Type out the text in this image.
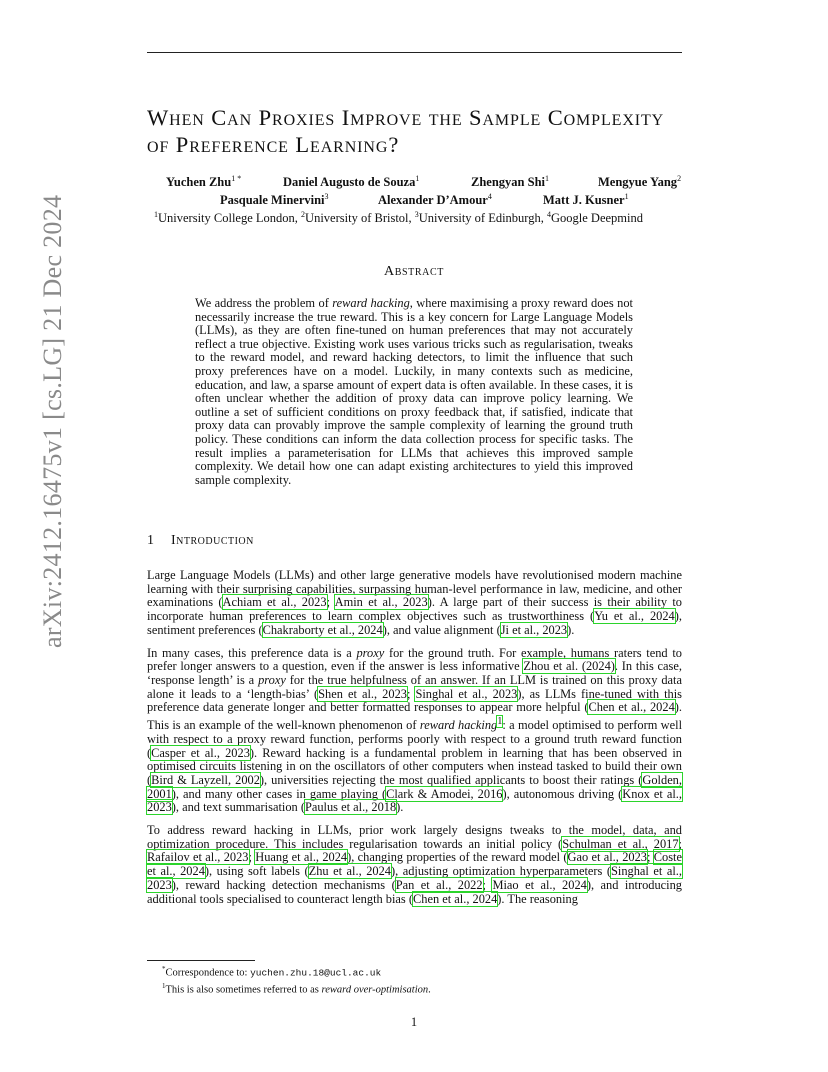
arXiv:2412.16475v1 [cs.LG] 21 Dec 2024
When Can Proxies Improve the Sample Complexity of Preference Learning?
Yuchen Zhu$^{1 *}$	Daniel Augusto de Souza$^1$	Zhengyan Shi$^1$	Mengyue Yang$^2$
Pasquale Minervini$^3$	Alexander D’Amour$^4$	Matt J. Kusner$^1$
$^1$University College London, $^2$University of Bristol, $^3$University of Edinburgh, $^4$Google Deepmind
Abstract
We address the problem of reward hacking, where maximising a proxy reward does not necessarily increase the true reward. This is a key concern for Large Language Models (LLMs), as they are often fine-tuned on human preferences that may not accurately reflect a true objective. Existing work uses various tricks such as regularisation, tweaks to the reward model, and reward hacking detectors, to limit the influence that such proxy preferences have on a model. Luckily, in many contexts such as medicine, education, and law, a sparse amount of expert data is often available. In these cases, it is often unclear whether the addition of proxy data can improve policy learning. We outline a set of sufficient conditions on proxy feedback that, if satisfied, indicate that proxy data can provably improve the sample complexity of learning the ground truth policy. These conditions can inform the data collection process for specific tasks. The result implies a parameterisation for LLMs that achieves this improved sample complexity. We detail how one can adapt existing architectures to yield this improved sample complexity.
1 Introduction

Large Language Models (LLMs) and other large generative models have revolutionised modern machine learning with their surprising capabilities, surpassing human-level performance in law, medicine, and other examinations (Achiam et al., 2023; Amin et al., 2023). A large part of their success is their ability to incorporate human preferences to learn complex objectives such as trustworthiness (Yu et al., 2024), sentiment preferences (Chakraborty et al., 2024), and value alignment (Ji et al., 2023).

In many cases, this preference data is a proxy for the ground truth. For example, humans raters tend to prefer longer answers to a question, even if the answer is less informative Zhou et al. (2024). In this case, ‘response length’ is a proxy for the true helpfulness of an answer. If an LLM is trained on this proxy data alone it leads to a ‘length-bias’ (Shen et al., 2023; Singhal et al., 2023), as LLMs fine-tuned with this preference data generate longer and better formatted responses to appear more helpful (Chen et al., 2024). This is an example of the well-known phenomenon of reward hacking$^1$: a model optimised to perform well with respect to a proxy reward function, performs poorly with respect to a ground truth reward function (Casper et al., 2023). Reward hacking is a fundamental problem in learning that has been observed in optimised circuits listening in on the oscillators of other computers when instead tasked to build their own (Bird & Layzell, 2002), universities rejecting the most qualified applicants to boost their ratings (Golden, 2001), and many other cases in game playing (Clark & Amodei, 2016), autonomous driving (Knox et al., 2023), and text summarisation (Paulus et al., 2018).

To address reward hacking in LLMs, prior work largely designs tweaks to the model, data, and optimization procedure. This includes regularisation towards an initial policy (Schulman et al., 2017; Rafailov et al., 2023; Huang et al., 2024), changing properties of the reward model (Gao et al., 2023; Coste et al., 2024), using soft labels (Zhu et al., 2024), adjusting optimization hyperparameters (Singhal et al., 2023), reward hacking detection mechanisms (Pan et al., 2022; Miao et al., 2024), and introducing additional tools specialised to counteract length bias (Chen et al., 2024). The reasoning

*Correspondence to: yuchen.zhu.18@ucl.ac.uk
$^1$This is also sometimes referred to as reward over-optimisation.
1
